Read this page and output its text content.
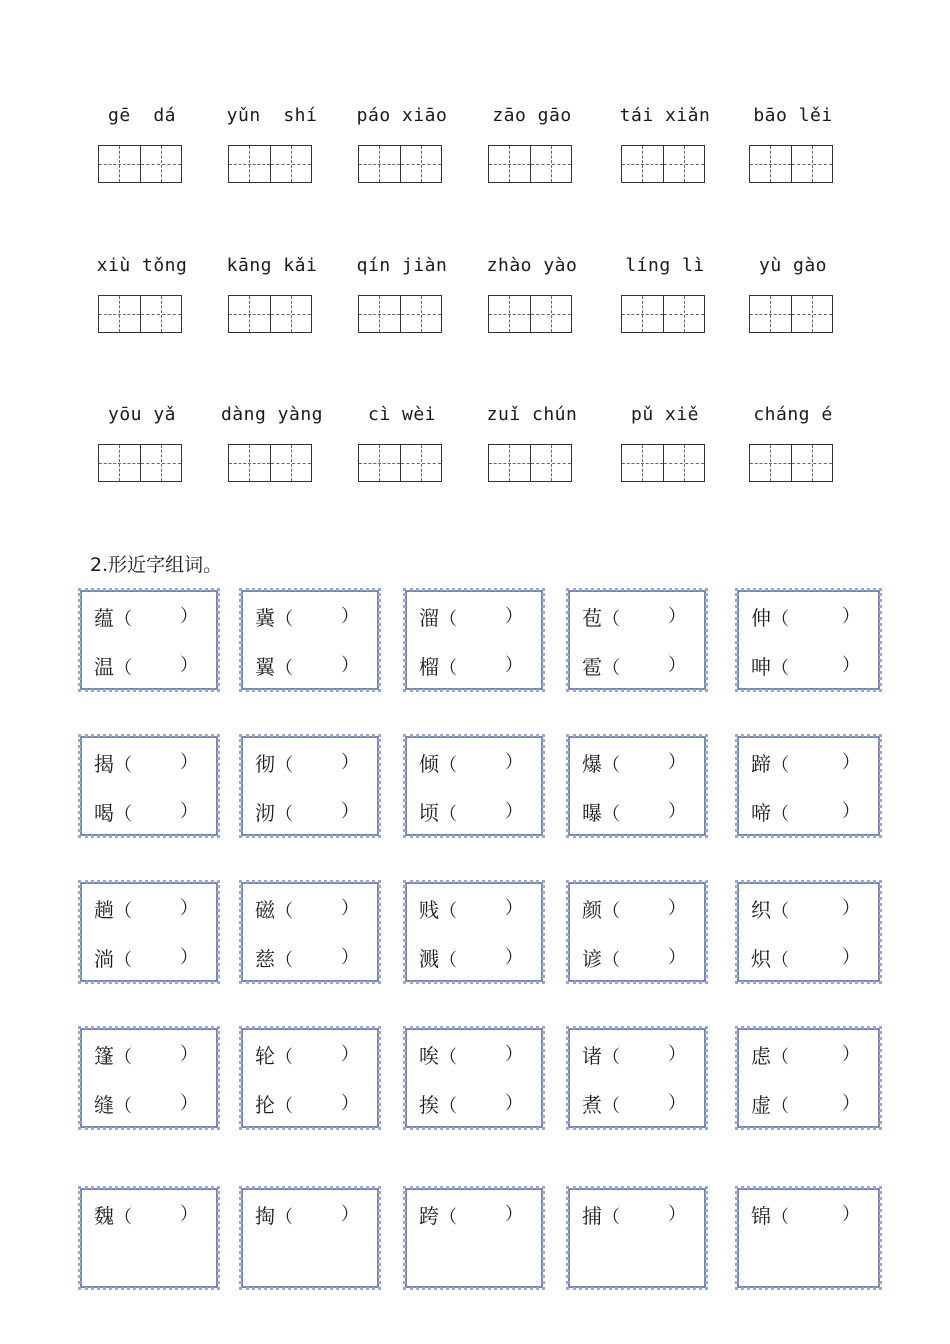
gē  dá	yǔn  shí	páo xiāo	zāo gāo	tái xiǎn	bāo lěi
xiù tǒng	kāng kǎi	qín jiàn	zhào yào	líng lì	yù gào
yōu yǎ	dàng yàng	cì wèi	zuǐ chún	pǔ xiě	cháng é
2.形近字组词。
蕴（	）
温（	）
冀（	）
翼（	）
溜（	）
榴（	）
苞（	）
雹（	）
伸（	）
呻（	）
揭（	）
喝（	）
彻（	）
沏（	）
倾（	）
顷（	）
爆（	）
曝（	）
蹄（	）
啼（	）
趟（	）
淌（	）
磁（	）
慈（	）
贱（	）
溅（	）
颜（	）
谚（	）
织（	）
炽（	）
篷（	）
缝（	）
轮（	）
抡（	）
唉（	）
挨（	）
诸（	）
煮（	）
虑（	）
虚（	）
魏（	）	掏（	）	跨（	）	捕（	）	锦（	）
